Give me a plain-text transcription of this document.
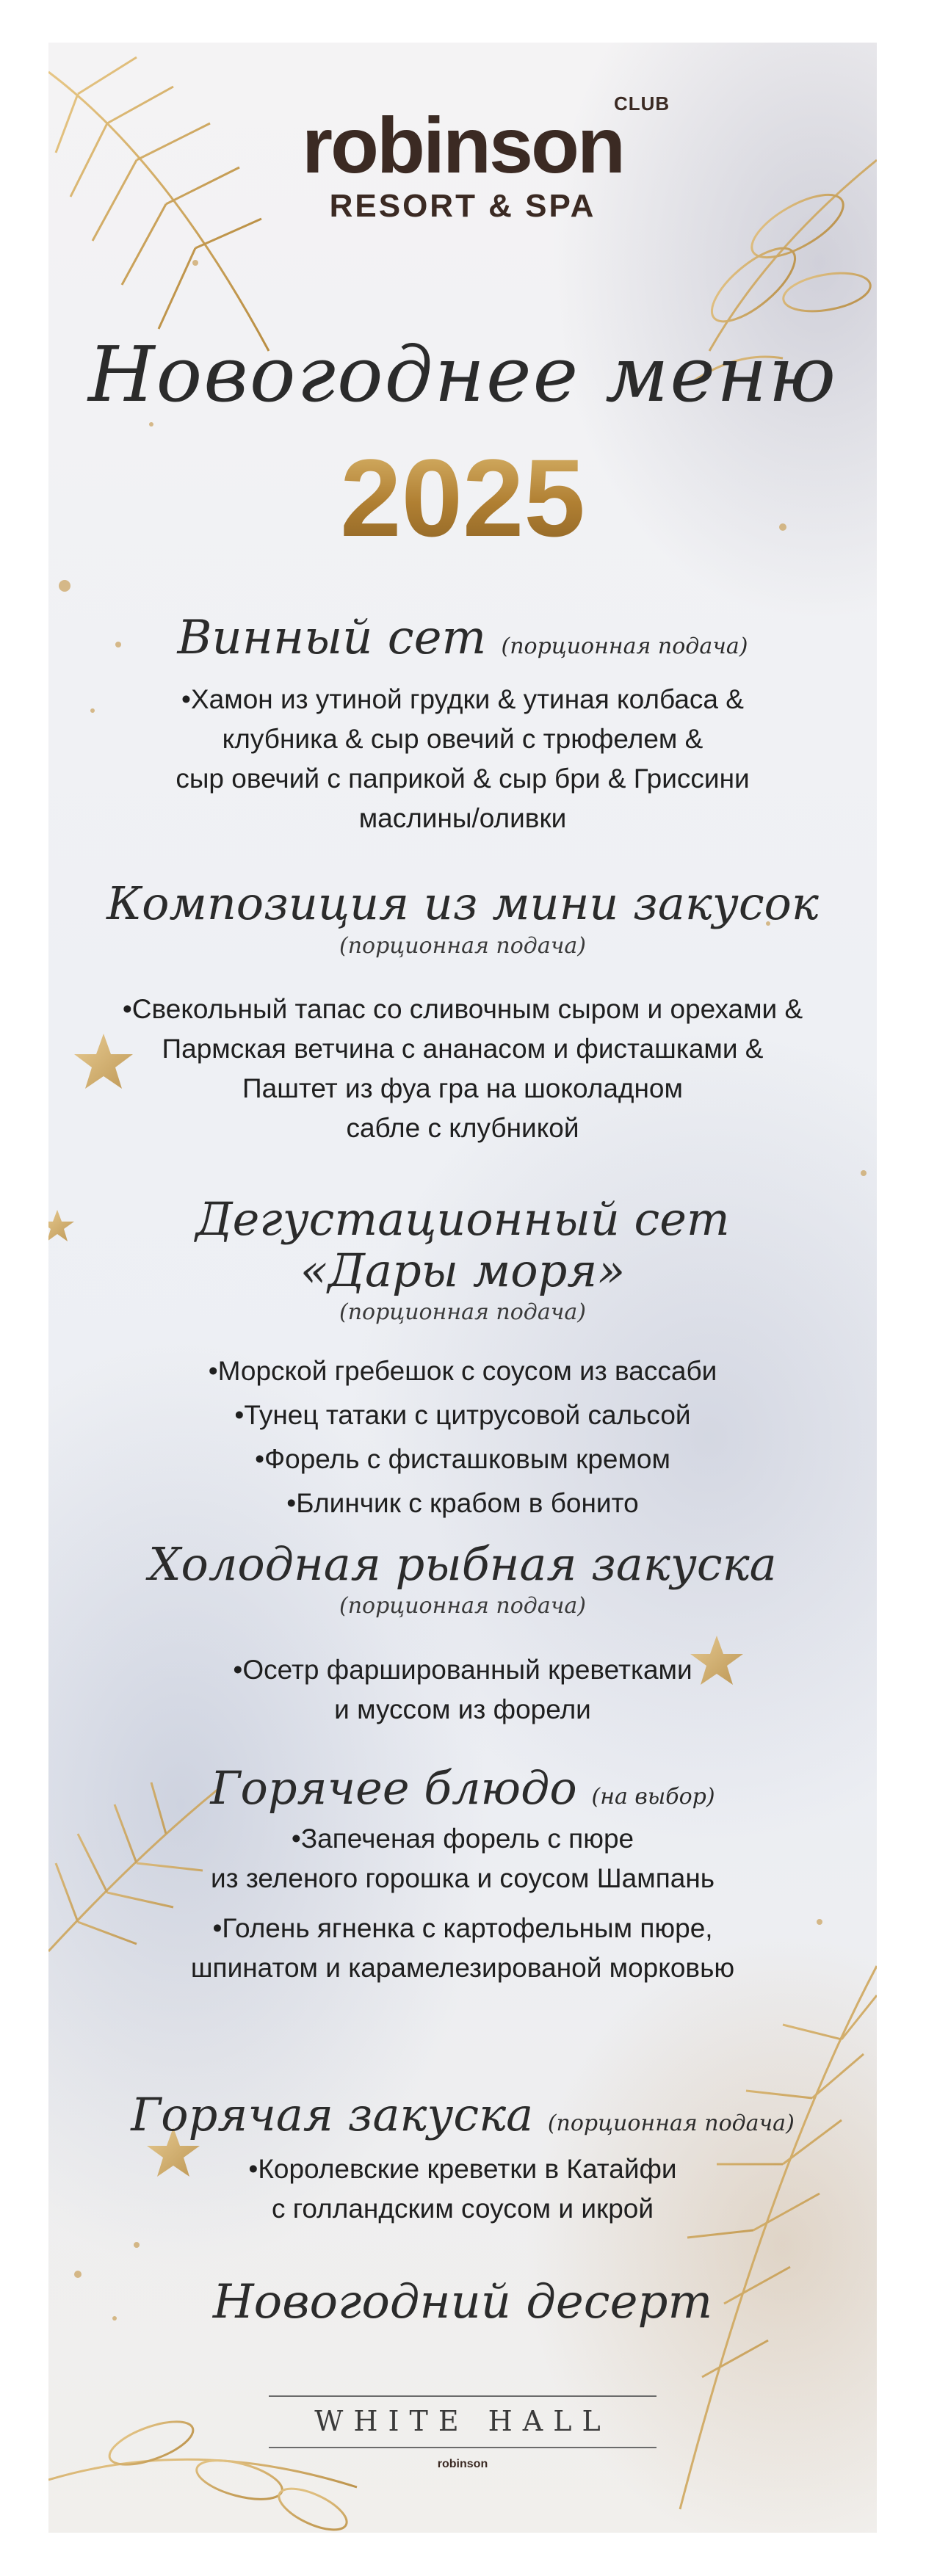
CLUB
robinson
RESORT & SPA
Новогоднее меню
2025
Винный сет (порционная подача)
•Хамон из утиной грудки & утиная колбаса &
клубника & сыр овечий с трюфелем &
сыр овечий с паприкой & сыр бри & Гриссини
маслины/оливки
Композиция из мини закусок
(порционная подача)
•Свекольный тапас со сливочным сыром и орехами &
Пармская ветчина с ананасом и фисташками &
Паштет из фуа гра на шоколадном
сабле с клубникой
Дегустационный сет
«Дары моря»
(порционная подача)
•Морской гребешок с соусом из вассаби
•Тунец татаки с цитрусовой сальсой
•Форель с фисташковым кремом
•Блинчик с крабом в бонито
Холодная рыбная закуска
(порционная подача)
•Осетр фаршированный креветками
и муссом из форели
Горячее блюдо (на выбор)
•Запеченая форель с пюре
из зеленого горошка и соусом Шампань
•Голень ягненка с картофельным пюре,
шпинатом и карамелезированой морковью
Горячая закуска (порционная подача)
•Королевские креветки в Катайфи
с голландским соусом и икрой
Новогодний десерт
WHITE HALL
robinson
